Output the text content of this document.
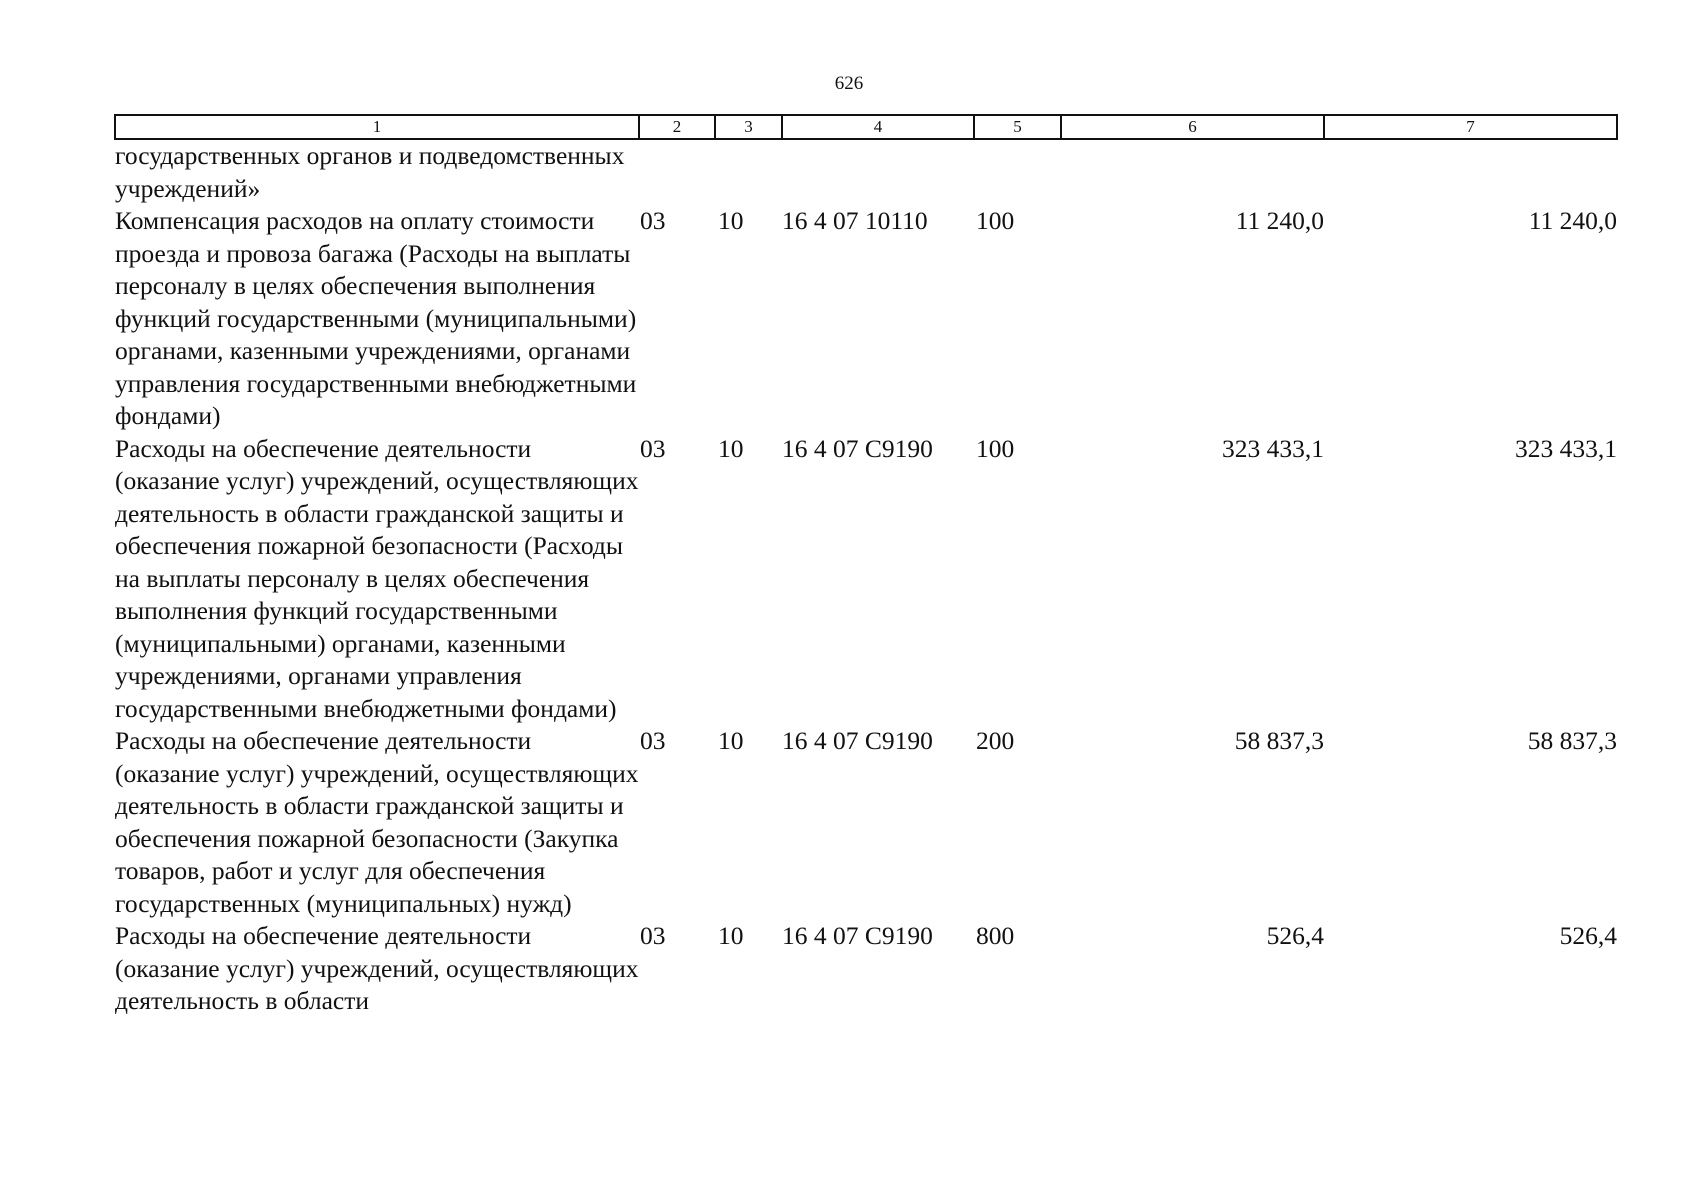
626
1	2	3	4	5	6	7
государственных органов и подведомственных учреждений»						
Компенсация расходов на оплату стоимости проезда и провоза багажа (Расходы на выплаты персоналу в целях обеспечения выполнения функций государственными (муниципальными) органами, казенными учреждениями, органами управления государственными внебюджетными фондами)	03	10	16 4 07 10110	100	11 240,0	11 240,0
Расходы на обеспечение деятельности (оказание услуг) учреждений, осуществляющих деятельность в области гражданской защиты и обеспечения пожарной безопасности (Расходы на выплаты персоналу в целях обеспечения выполнения функций государственными (муниципальными) органами, казенными учреждениями, органами управления государственными внебюджетными фондами)	03	10	16 4 07 С9190	100	323 433,1	323 433,1
Расходы на обеспечение деятельности (оказание услуг) учреждений, осуществляющих деятельность в области гражданской защиты и обеспечения пожарной безопасности (Закупка товаров, работ и услуг для обеспечения государственных (муниципальных) нужд)	03	10	16 4 07 С9190	200	58 837,3	58 837,3
Расходы на обеспечение деятельности (оказание услуг) учреждений, осуществляющих деятельность в области	03	10	16 4 07 С9190	800	526,4	526,4
